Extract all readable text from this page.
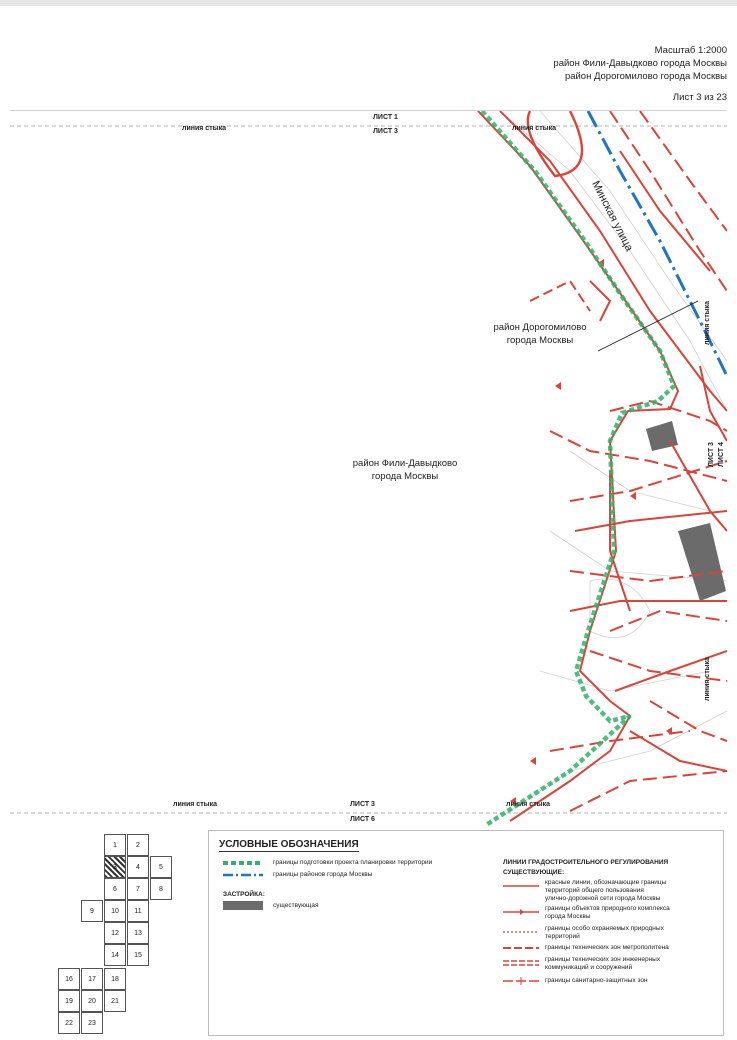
Масштаб 1:2000
район Фили-Давыдково города Москвы
район Дорогомилово города Москвы
Лист 3 из 23
ЛИСТ 1
ЛИСТ 3
линия стыка	линия стыка
ЛИСТ 3
ЛИСТ 6
линия стыка	линия стыка
линия стыка
линия стыка
ЛИСТ 3 ЛИСТ 4
Минская улица
район Дорогомилово
города Москвы
район Фили-Давыдково
города Москвы
1	2
3	4	5
6	7	8
9	10	11
12	13
14	15
16	17	18
19	20	21
22	23
УСЛОВНЫЕ ОБОЗНАЧЕНИЯ
границы подготовки проекта планировки территории
границы районов города Москвы
ЗАСТРОЙКА:
существующая
ЛИНИИ ГРАДОСТРОИТЕЛЬНОГО РЕГУЛИРОВАНИЯ
СУЩЕСТВУЮЩИЕ:
красные линии, обозначающие границы
территорий общего пользования
улично-дорожной сети города Москвы
границы объектов природного комплекса
города Москвы
границы особо охраняемых природных
территорий
границы технических зон метрополитена
границы технических зон инженерных
коммуникаций и сооружений
границы санитарно-защитных зон
